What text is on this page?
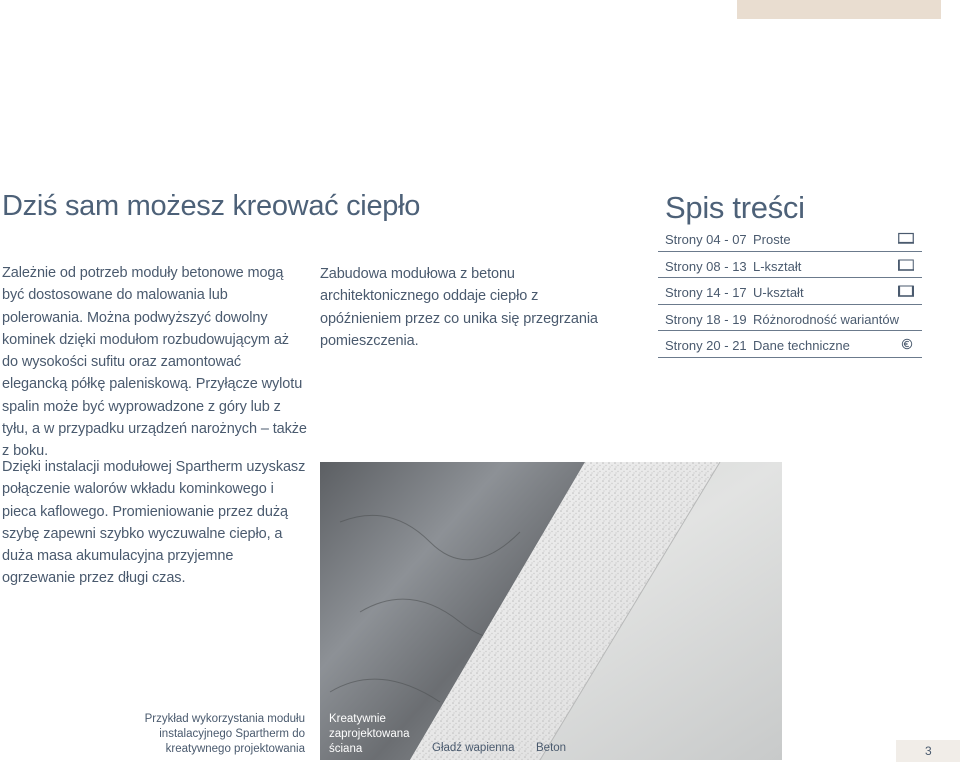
Dziś sam możesz kreować ciepło

Zależnie od potrzeb moduły betonowe mogą być dostosowane do malowania lub polerowania. Można podwyższyć dowolny kominek dzięki modułom rozbudowującym aż do wysokości sufitu oraz zamontować elegancką półkę paleniskową. Przyłącze wylotu spalin może być wyprowadzone z góry lub z tyłu, a w przypadku urządzeń narożnych – także z boku.

Zabudowa modułowa z betonu architektonicznego oddaje ciepło z opóźnieniem przez co unika się przegrzania pomieszczenia.

Dzięki instalacji modułowej Spartherm uzyskasz połączenie walorów wkładu kominkowego i pieca kaflowego. Promieniowanie przez dużą szybę zapewni szybko wyczuwalne ciepło, a duża masa akumulacyjna przyjemne ogrzewanie przez długi czas.

Spis treści
Strony 04 - 07 Proste
Strony 08 - 13 L-kształt
Strony 14 - 17 U-kształt
Strony 18 - 19 Różnorodność wariantów
Strony 20 - 21 Dane techniczne
Przykład wykorzystania modułu instalacyjnego Spartherm do kreatywnego projektowania
Kreatywnie zaprojektowana ściana	Gładź wapienna Beton	3
